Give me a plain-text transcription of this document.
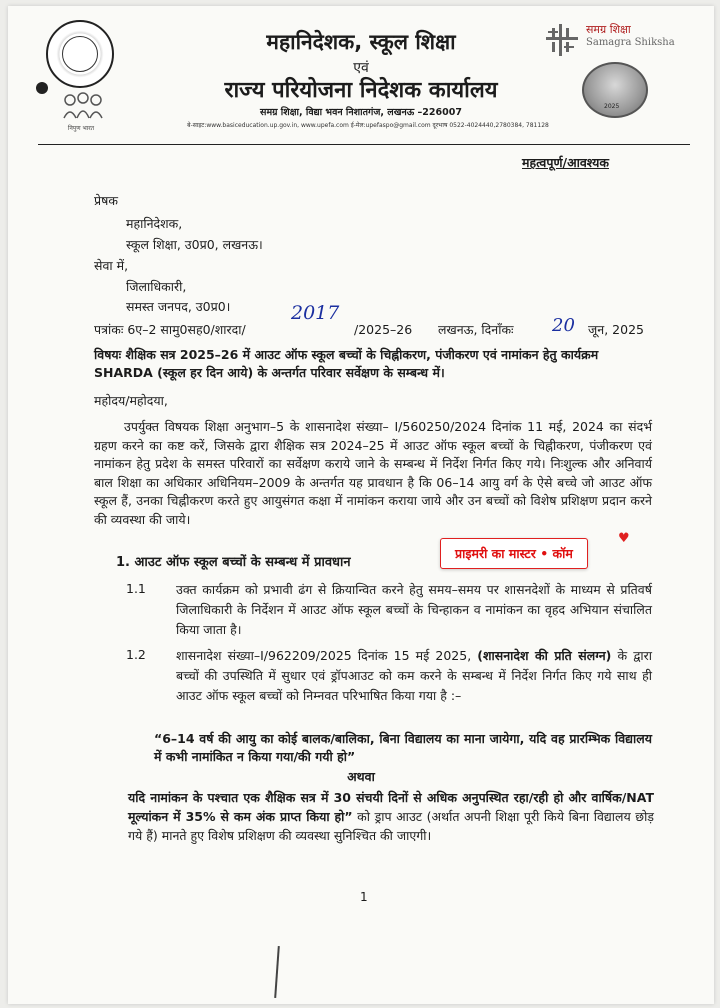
निपुण भारत
महानिदेशक, स्कूल शिक्षा
एवं
राज्य परियोजना निदेशक कार्यालय
समग्र शिक्षा, विद्या भवन निशातगंज, लखनऊ –226007
बे-साइट:www.basiceducation.up.gov.in, www.upefa.com ई-मेल:upefaspo@gmail.com दूरभाष 0522-4024440,2780384, 781128
समग्र शिक्षा
Samagra Shiksha
2025
महत्वपूर्ण/आवश्यक
प्रेषक
महानिदेशक,
स्कूल शिक्षा, उ0प्र0, लखनऊ।
सेवा में,
जिलाधिकारी,
समस्त जनपद, उ0प्र0।
पत्रांकः 6ए–2 सामु0सह0/शारदा/
2017
/2025–26 लखनऊ, दिनाँकः 20 जून, 2025
विषयः शैक्षिक सत्र 2025–26 में आउट ऑफ स्कूल बच्चों के चिह्नीकरण, पंजीकरण एवं नामांकन हेतु कार्यक्रम SHARDA (स्कूल हर दिन आये) के अन्तर्गत परिवार सर्वेक्षण के सम्बन्ध में।
महोदय/महोदया,
उपर्युक्त विषयक शिक्षा अनुभाग–5 के शासनादेश संख्या– I/560250/2024 दिनांक 11 मई, 2024 का संदर्भ ग्रहण करने का कष्ट करें, जिसके द्वारा शैक्षिक सत्र 2024–25 में आउट ऑफ स्कूल बच्चों के चिह्नीकरण, पंजीकरण एवं नामांकन हेतु प्रदेश के समस्त परिवारों का सर्वेक्षण कराये जाने के सम्बन्ध में निर्देश निर्गत किए गये। निःशुल्क और अनिवार्य बाल शिक्षा का अधिकार अधिनियम–2009 के अन्तर्गत यह प्रावधान है कि 06–14 आयु वर्ग के ऐसे बच्चे जो आउट ऑफ स्कूल हैं, उनका चिह्नीकरण करते हुए आयुसंगत कक्षा में नामांकन कराया जाये और उन बच्चों को विशेष प्रशिक्षण प्रदान करने की व्यवस्था की जाये।
1. आउट ऑफ स्कूल बच्चों के सम्बन्ध में प्रावधान
प्राइमरी का मास्टर • कॉम
♥
1.1 उक्त कार्यक्रम को प्रभावी ढंग से क्रियान्वित करने हेतु समय–समय पर शासनदेशों के माध्यम से प्रतिवर्ष जिलाधिकारी के निर्देशन में आउट ऑफ स्कूल बच्चों के चिन्हाकन व नामांकन का वृहद अभियान संचालित किया जाता है।
1.2 शासनादेश संख्या–I/962209/2025 दिनांक 15 मई 2025, (शासनादेश की प्रति संलग्न) के द्वारा बच्चों की उपस्थिति में सुधार एवं ड्रॉपआउट को कम करने के सम्बन्ध में निर्देश निर्गत किए गये साथ ही आउट ऑफ स्कूल बच्चों को निम्नवत परिभाषित किया गया है :–
“6–14 वर्ष की आयु का कोई बालक/बालिका, बिना विद्यालय का माना जायेगा, यदि वह प्रारम्भिक विद्यालय में कभी नामांकित न किया गया/की गयी हो”
अथवा
यदि नामांकन के पश्चात एक शैक्षिक सत्र में 30 संचयी दिनों से अधिक अनुपस्थित रहा/रही हो और वार्षिक/NAT मूल्यांकन में 35% से कम अंक प्राप्त किया हो” को ड्राप आउट (अर्थात अपनी शिक्षा पूरी किये बिना विद्यालय छोड़ गये हैं) मानते हुए विशेष प्रशिक्षण की व्यवस्था सुनिश्चित की जाएगी।
1
